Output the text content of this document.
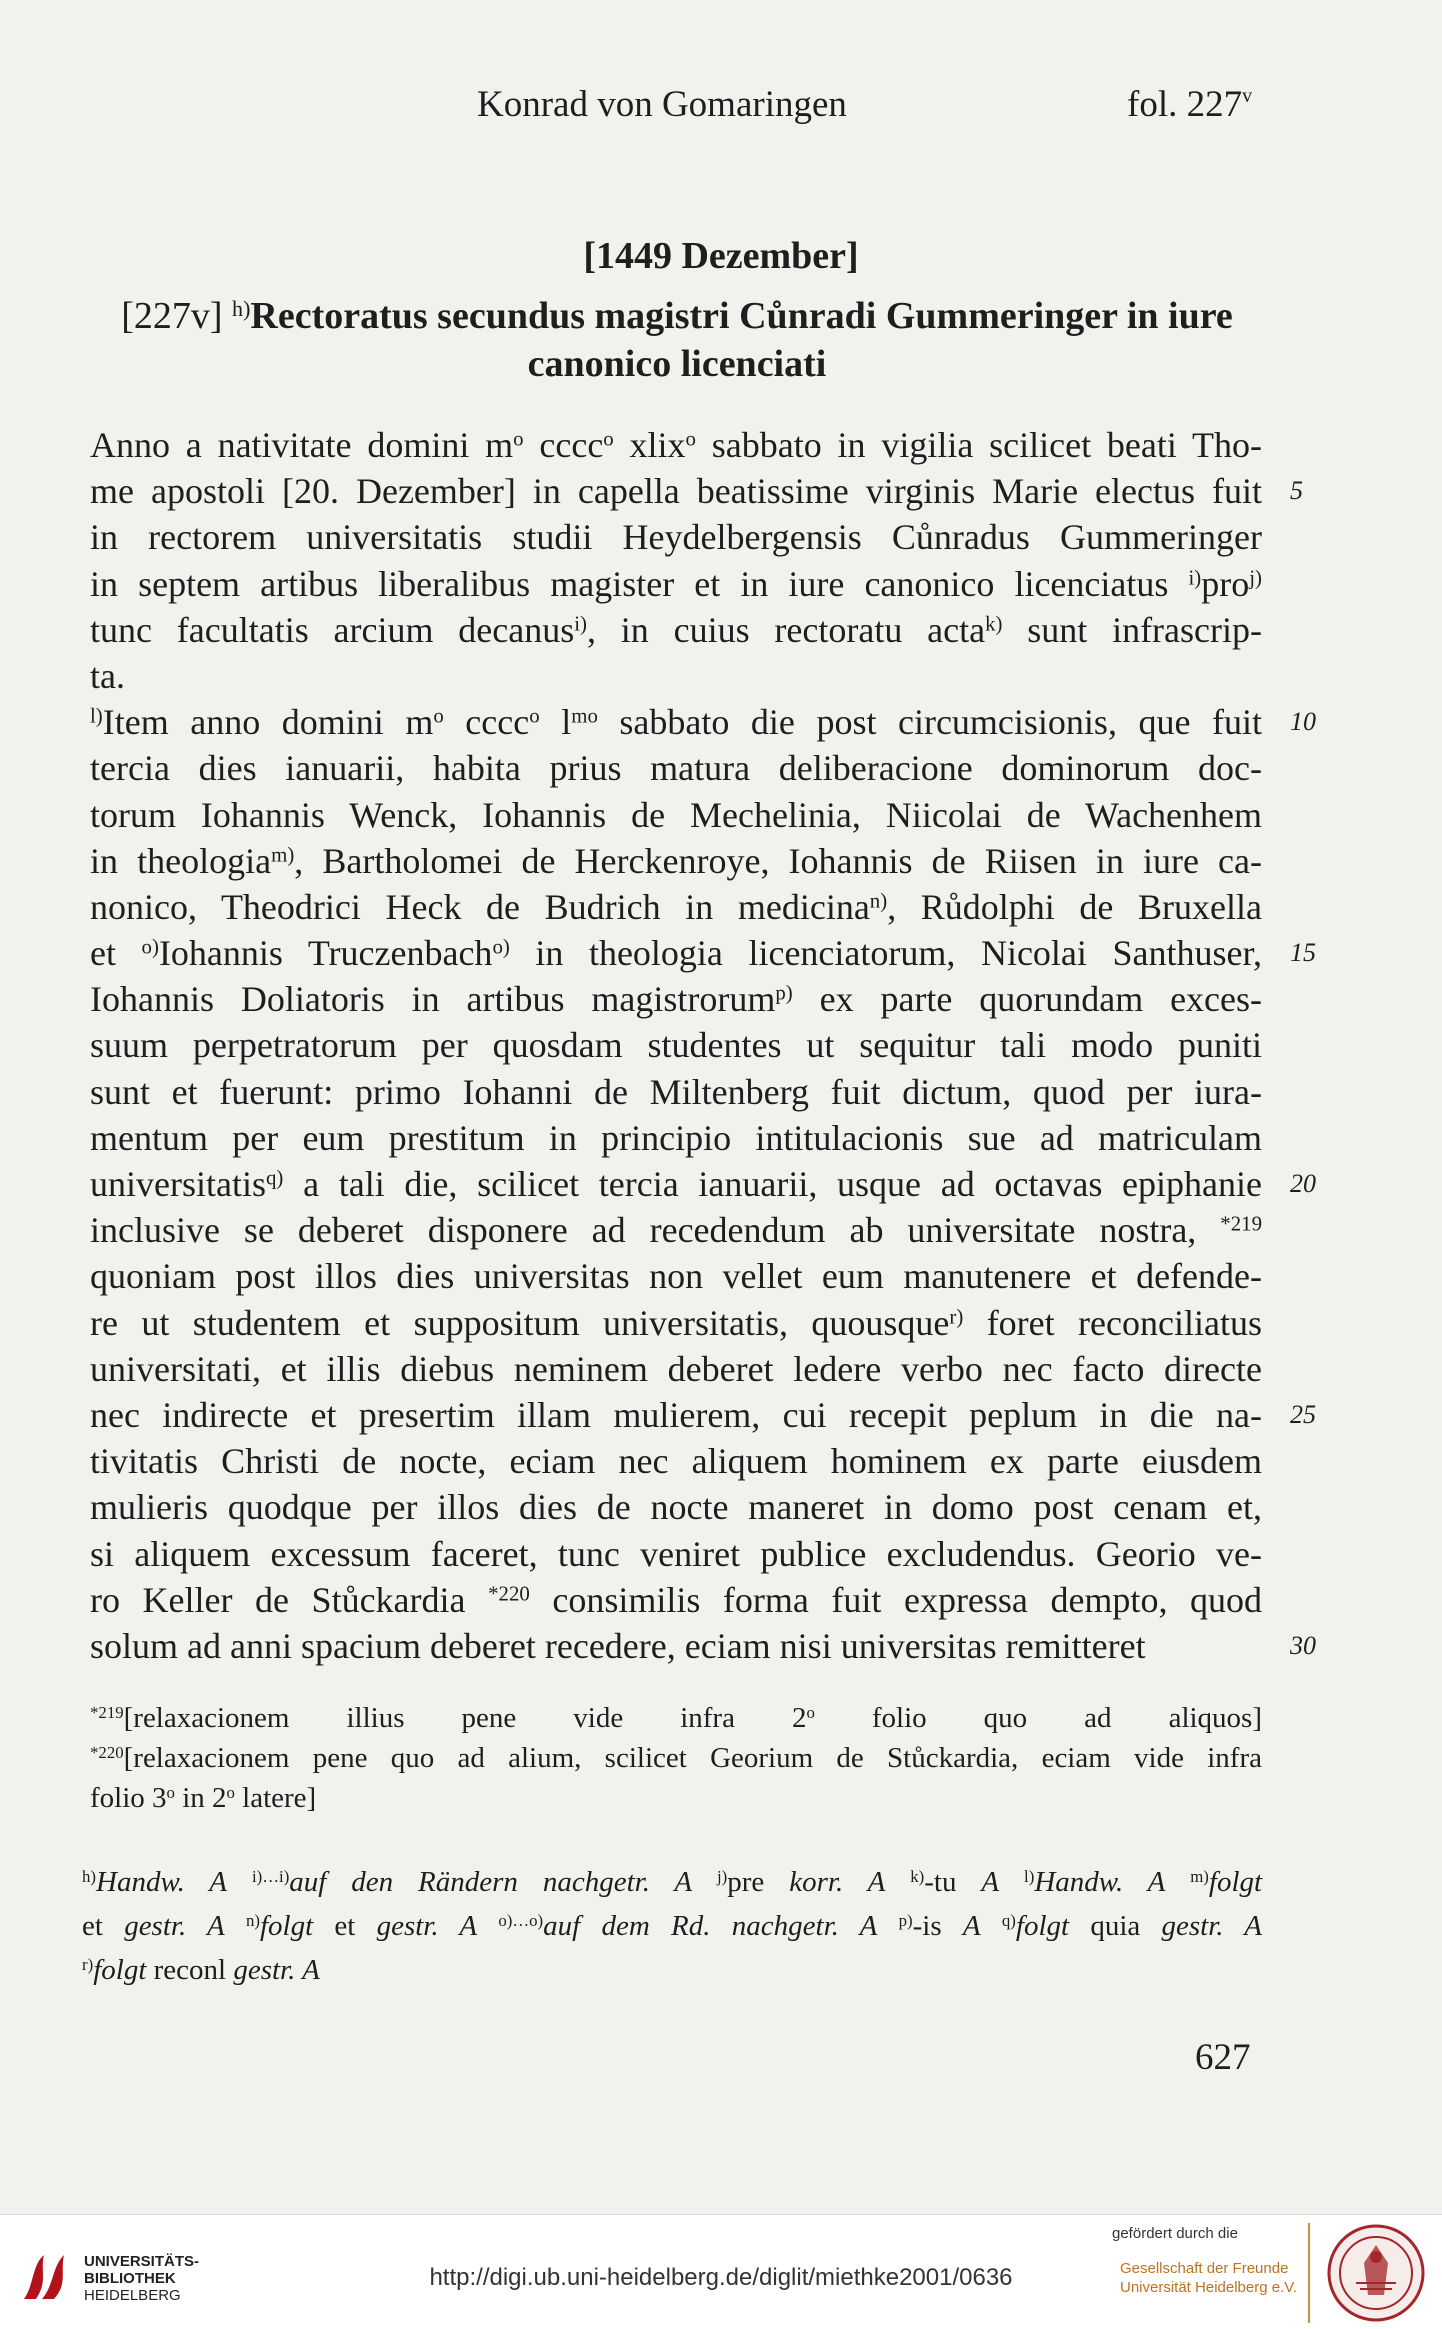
Konrad von Gomaringen	fol. 227$^v$
[1449 Dezember]
[227v] $^{h)}$Rectoratus secundus magistri Cůnradi Gummeringer in iure
canonico licenciati
Anno a nativitate domini $m^o$ cccc$^o$ xlix$^o$ sabbato in vigilia scilicet beati Tho-
me apostoli [20. Dezember] in capella beatissime virginis Marie electus fuit
in rectorem universitatis studii Heydelbergensis Cůnradus Gummeringer
in septem artibus liberalibus magister et in iure canonico licenciatus $^{i)}$pro$^{j)}$
tunc facultatis arcium decanus$^{i)}$, in cuius rectoratu acta$^{k)}$ sunt infrascrip-
ta.
$^{l)}$Item anno domini $m^o$ cccc$^o$ $l^{mo}$ sabbato die post circumcisionis, que fuit
tercia dies ianuarii, habita prius matura deliberacione dominorum doc-
torum Iohannis Wenck, Iohannis de Mechelinia, Niicolai de Wachenhem
in theologia$^{m)}$, Bartholomei de Herckenroye, Iohannis de Riisen in iure ca-
nonico, Theodrici Heck de Budrich in medicina$^{n)}$, Růdolphi de Bruxella
et $^{o)}$Iohannis Truczenbach$^{o)}$ in theologia licenciatorum, Nicolai Santhuser,
Iohannis Doliatoris in artibus magistrorum$^{p)}$ ex parte quorundam exces-
suum perpetratorum per quosdam studentes ut sequitur tali modo puniti
sunt et fuerunt: primo Iohanni de Miltenberg fuit dictum, quod per iura-
mentum per eum prestitum in principio intitulacionis sue ad matriculam
universitatis$^{q)}$ a tali die, scilicet tercia ianuarii, usque ad octavas epiphanie
inclusive se deberet disponere ad recedendum ab universitate nostra, $^{*219}$
quoniam post illos dies universitas non vellet eum manutenere et defende-
re ut studentem et suppositum universitatis, quousque$^{r)}$ foret reconciliatus
universitati, et illis diebus neminem deberet ledere verbo nec facto directe
nec indirecte et presertim illam mulierem, cui recepit peplum in die na-
tivitatis Christi de nocte, eciam nec aliquem hominem ex parte eiusdem
mulieris quodque per illos dies de nocte maneret in domo post cenam et,
si aliquem excessum faceret, tunc veniret publice excludendus. Georio ve-
ro Keller de Stůckardia $^{*220}$ consimilis forma fuit expressa dempto, quod
solum ad anni spacium deberet recedere, eciam nisi universitas remitteret
5
10
15
20
25
30
$^{*219}$[relaxacionem illius pene vide infra 2$^o$ folio quo ad aliquos]
$^{*220}$[relaxacionem pene quo ad alium, scilicet Georium de Stůckardia, eciam vide infra
folio 3$^o$ in 2$^o$ latere]
$^{h)}$Handw. A $^{i)\dots i)}$auf den Rändern nachgetr. A $^{j)}$pre korr. A $^{k)}$-tu A $^{l)}$Handw. A $^{m)}$folgt
et gestr. A $^{n)}$folgt et gestr. A $^{o)\dots o)}$auf dem Rd. nachgetr. A $^{p)}$-is A $^{q)}$folgt quia gestr. A
$^{r)}$folgt reconl gestr. A
627
UNIVERSITÄTS-
BIBLIOTHEK
HEIDELBERG
http://digi.ub.uni-heidelberg.de/diglit/miethke2001/0636
gefördert durch die
Gesellschaft der Freunde
Universität Heidelberg e.V.
